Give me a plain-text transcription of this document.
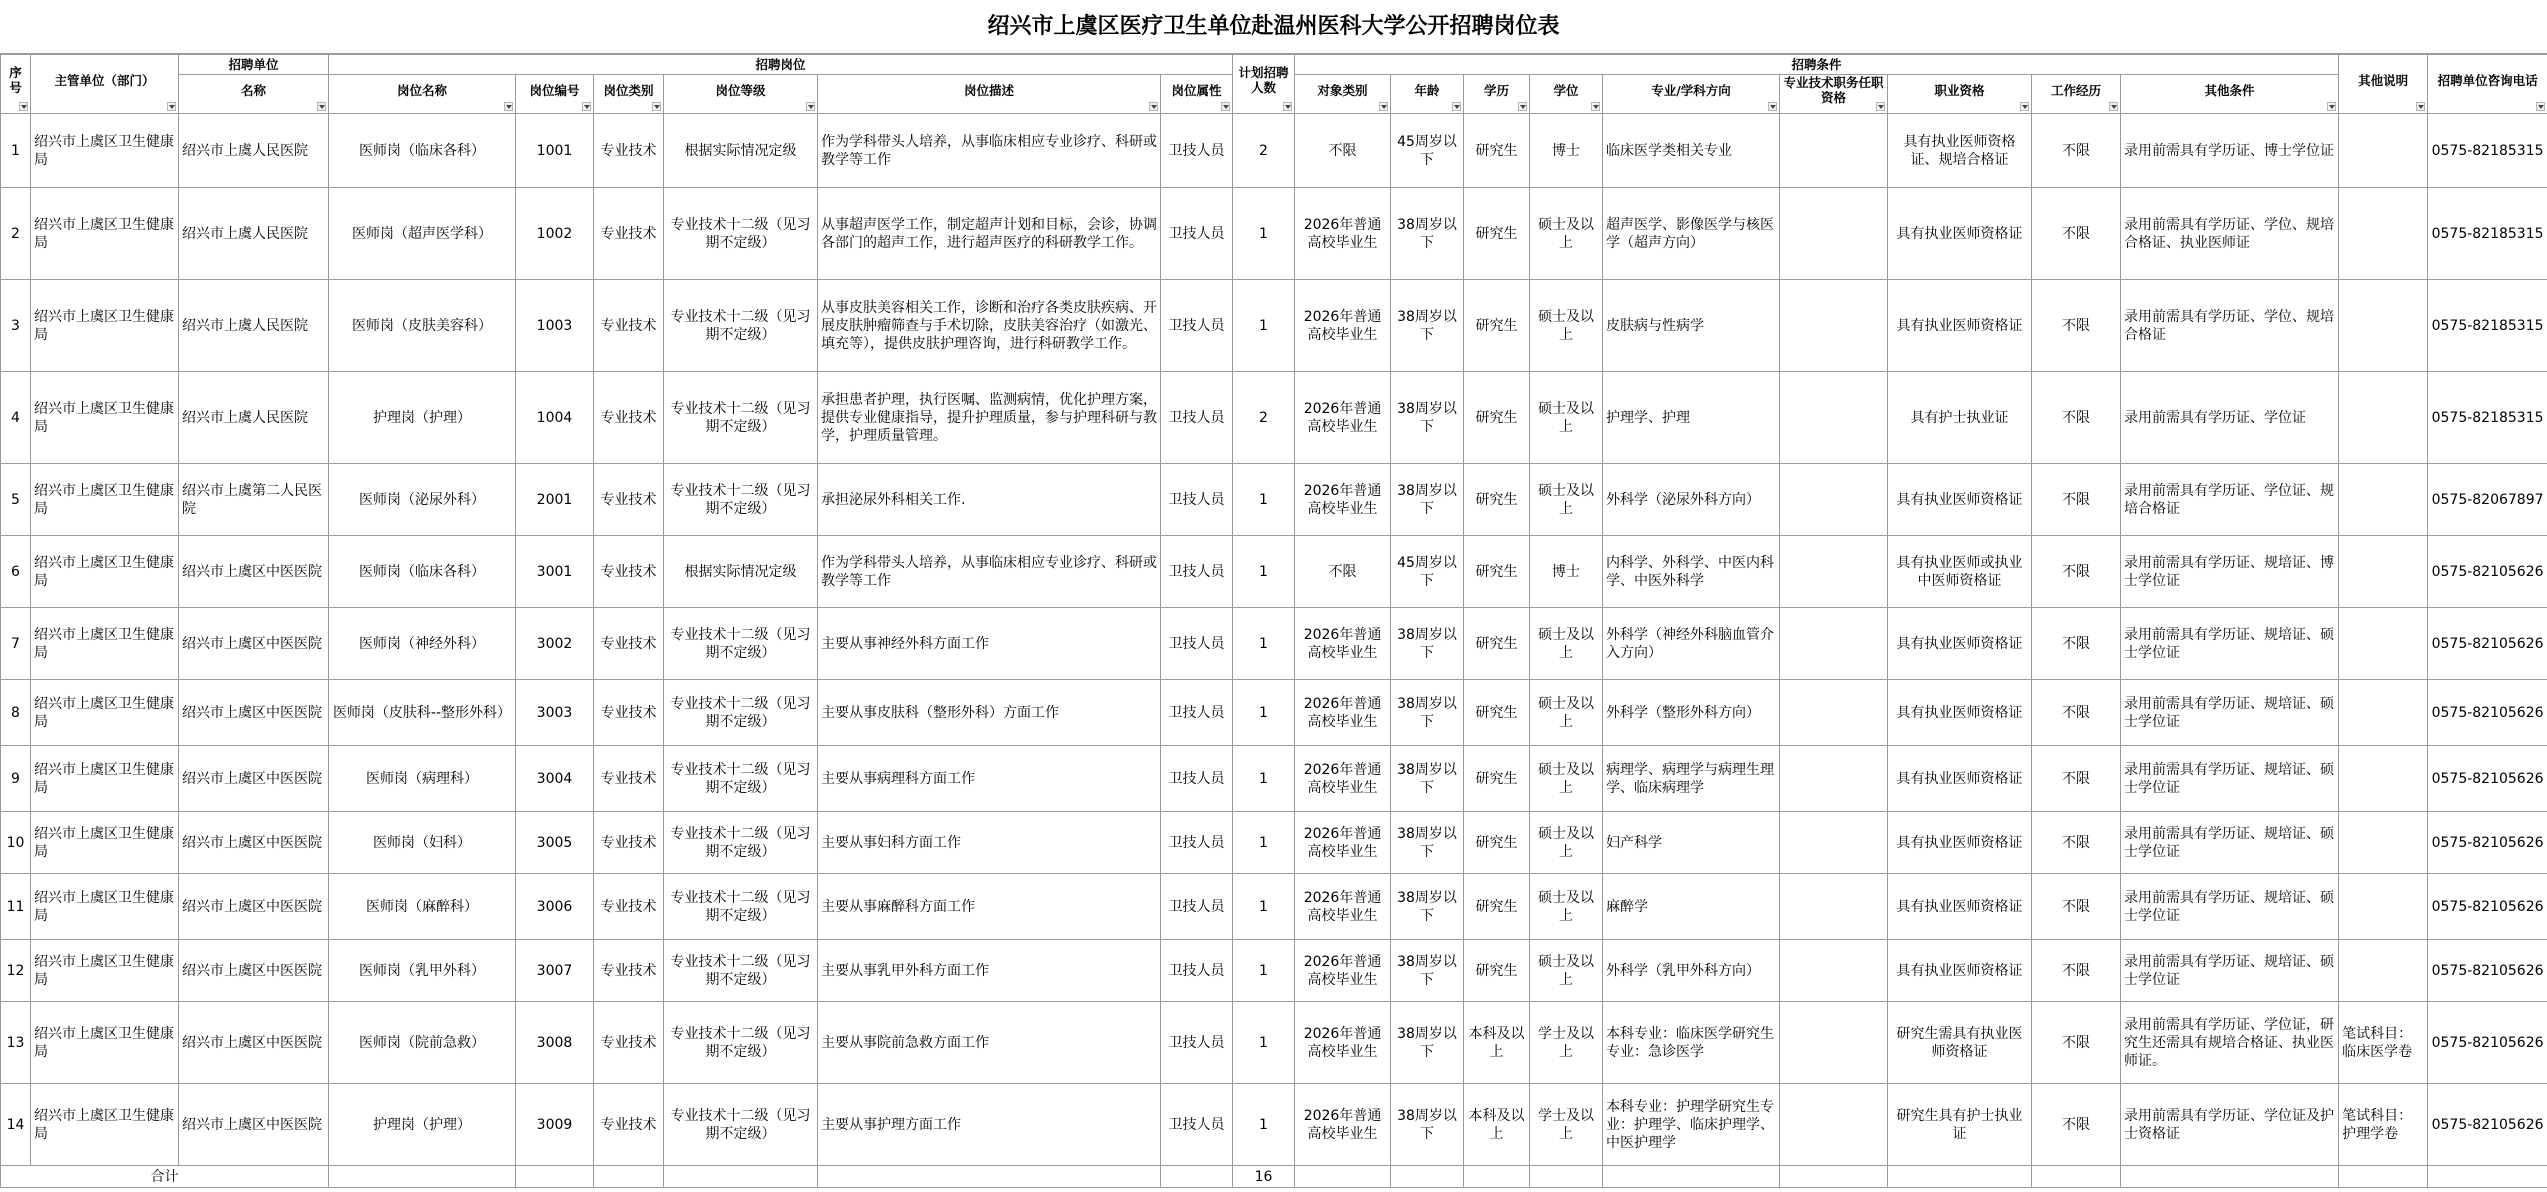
绍兴市上虞区医疗卫生单位赴温州医科大学公开招聘岗位表
序号	主管单位（部门）	招聘单位	招聘岗位						计划招聘人数	招聘条件									其他说明	招聘单位咨询电话

		名称	岗位名称	岗位编号	岗位类别	岗位等级	岗位描述	岗位属性		对象类别	年龄	学历	学位	专业/学科方向	专业技术职务任职资格	职业资格	工作经历	其他条件		

1	绍兴市上虞区卫生健康局	绍兴市上虞人民医院	医师岗（临床各科）	1001	专业技术	根据实际情况定级	作为学科带头人培养，从事临床相应专业诊疗、科研或教学等工作	卫技人员	2	不限	45周岁以下	研究生	博士	临床医学类相关专业		具有执业医师资格证、规培合格证	不限	录用前需具有学历证、博士学位证		0575-82185315
2	绍兴市上虞区卫生健康局	绍兴市上虞人民医院	医师岗（超声医学科）	1002	专业技术	专业技术十二级（见习期不定级）	从事超声医学工作，制定超声计划和目标，会诊，协调各部门的超声工作，进行超声医疗的科研教学工作。	卫技人员	1	2026年普通高校毕业生	38周岁以下	研究生	硕士及以上	超声医学、影像医学与核医学（超声方向）		具有执业医师资格证	不限	录用前需具有学历证、学位、规培合格证、执业医师证		0575-82185315
3	绍兴市上虞区卫生健康局	绍兴市上虞人民医院	医师岗（皮肤美容科）	1003	专业技术	专业技术十二级（见习期不定级）	从事皮肤美容相关工作，诊断和治疗各类皮肤疾病、开展皮肤肿瘤筛查与手术切除，皮肤美容治疗（如激光、填充等），提供皮肤护理咨询，进行科研教学工作。	卫技人员	1	2026年普通高校毕业生	38周岁以下	研究生	硕士及以上	皮肤病与性病学		具有执业医师资格证	不限	录用前需具有学历证、学位、规培合格证		0575-82185315
4	绍兴市上虞区卫生健康局	绍兴市上虞人民医院	护理岗（护理）	1004	专业技术	专业技术十二级（见习期不定级）	承担患者护理，执行医嘱、监测病情，优化护理方案，提供专业健康指导，提升护理质量，参与护理科研与教学，护理质量管理。	卫技人员	2	2026年普通高校毕业生	38周岁以下	研究生	硕士及以上	护理学、护理		具有护士执业证	不限	录用前需具有学历证、学位证		0575-82185315
5	绍兴市上虞区卫生健康局	绍兴市上虞第二人民医院	医师岗（泌尿外科）	2001	专业技术	专业技术十二级（见习期不定级）	承担泌尿外科相关工作.	卫技人员	1	2026年普通高校毕业生	38周岁以下	研究生	硕士及以上	外科学（泌尿外科方向）		具有执业医师资格证	不限	录用前需具有学历证、学位证、规培合格证		0575-82067897
6	绍兴市上虞区卫生健康局	绍兴市上虞区中医医院	医师岗（临床各科）	3001	专业技术	根据实际情况定级	作为学科带头人培养，从事临床相应专业诊疗、科研或教学等工作	卫技人员	1	不限	45周岁以下	研究生	博士	内科学、外科学、中医内科学、中医外科学		具有执业医师或执业中医师资格证	不限	录用前需具有学历证、规培证、博士学位证		0575-82105626
7	绍兴市上虞区卫生健康局	绍兴市上虞区中医医院	医师岗（神经外科）	3002	专业技术	专业技术十二级（见习期不定级）	主要从事神经外科方面工作	卫技人员	1	2026年普通高校毕业生	38周岁以下	研究生	硕士及以上	外科学（神经外科脑血管介入方向）		具有执业医师资格证	不限	录用前需具有学历证、规培证、硕士学位证		0575-82105626
8	绍兴市上虞区卫生健康局	绍兴市上虞区中医医院	医师岗（皮肤科--整形外科）	3003	专业技术	专业技术十二级（见习期不定级）	主要从事皮肤科（整形外科）方面工作	卫技人员	1	2026年普通高校毕业生	38周岁以下	研究生	硕士及以上	外科学（整形外科方向）		具有执业医师资格证	不限	录用前需具有学历证、规培证、硕士学位证		0575-82105626
9	绍兴市上虞区卫生健康局	绍兴市上虞区中医医院	医师岗（病理科）	3004	专业技术	专业技术十二级（见习期不定级）	主要从事病理科方面工作	卫技人员	1	2026年普通高校毕业生	38周岁以下	研究生	硕士及以上	病理学、病理学与病理生理学、临床病理学		具有执业医师资格证	不限	录用前需具有学历证、规培证、硕士学位证		0575-82105626
10	绍兴市上虞区卫生健康局	绍兴市上虞区中医医院	医师岗（妇科）	3005	专业技术	专业技术十二级（见习期不定级）	主要从事妇科方面工作	卫技人员	1	2026年普通高校毕业生	38周岁以下	研究生	硕士及以上	妇产科学		具有执业医师资格证	不限	录用前需具有学历证、规培证、硕士学位证		0575-82105626
11	绍兴市上虞区卫生健康局	绍兴市上虞区中医医院	医师岗（麻醉科）	3006	专业技术	专业技术十二级（见习期不定级）	主要从事麻醉科方面工作	卫技人员	1	2026年普通高校毕业生	38周岁以下	研究生	硕士及以上	麻醉学		具有执业医师资格证	不限	录用前需具有学历证、规培证、硕士学位证		0575-82105626
12	绍兴市上虞区卫生健康局	绍兴市上虞区中医医院	医师岗（乳甲外科）	3007	专业技术	专业技术十二级（见习期不定级）	主要从事乳甲外科方面工作	卫技人员	1	2026年普通高校毕业生	38周岁以下	研究生	硕士及以上	外科学（乳甲外科方向）		具有执业医师资格证	不限	录用前需具有学历证、规培证、硕士学位证		0575-82105626
13	绍兴市上虞区卫生健康局	绍兴市上虞区中医医院	医师岗（院前急救）	3008	专业技术	专业技术十二级（见习期不定级）	主要从事院前急救方面工作	卫技人员	1	2026年普通高校毕业生	38周岁以下	本科及以上	学士及以上	本科专业：临床医学研究生专业：急诊医学		研究生需具有执业医师资格证	不限	录用前需具有学历证、学位证，研究生还需具有规培合格证、执业医师证。	笔试科目：临床医学卷	0575-82105626
14	绍兴市上虞区卫生健康局	绍兴市上虞区中医医院	护理岗（护理）	3009	专业技术	专业技术十二级（见习期不定级）	主要从事护理方面工作	卫技人员	1	2026年普通高校毕业生	38周岁以下	本科及以上	学士及以上	本科专业：护理学研究生专业：护理学、临床护理学、中医护理学		研究生具有护士执业证	不限	录用前需具有学历证、学位证及护士资格证	笔试科目：护理学卷	0575-82105626
合计									16											
